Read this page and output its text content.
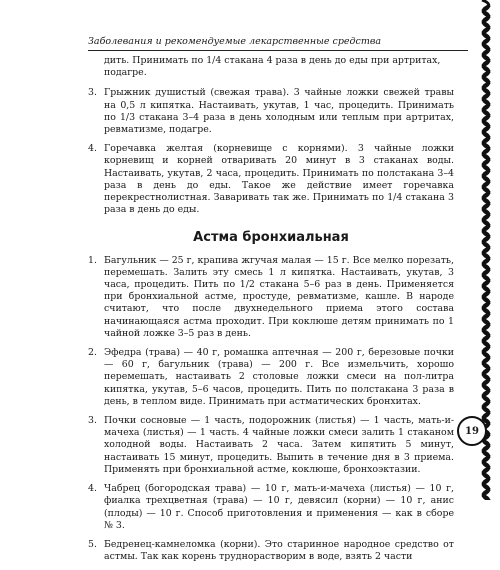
Заболевания и рекомендуемые лекарственные средства

дить. Принимать по 1/4 стакана 4 раза в день до еды при артритах, подагре.

3. Грыжник душистый (свежая трава). 3 чайные ложки свежей травы на 0,5 л кипятка. Настаивать, укутав, 1 час, процедить. Принимать по 1/3 стакана 3–4 раза в день холодным или теплым при артритах, ревматизме, подагре.
4. Горечавка желтая (корневище с корнями). 3 чайные ложки корневищ и корней отваривать 20 минут в 3 стаканах воды. Настаивать, укутав, 2 часа, процедить. Принимать по полстакана 3–4 раза в день до еды. Такое же действие имеет горечавка перекрестнолистная. Заваривать так же. Принимать по 1/4 стакана 3 раза в день до еды.
Астма бронхиальная
1. Багульник — 25 г, крапива жгучая малая — 15 г. Все мелко порезать, перемешать. Залить эту смесь 1 л кипятка. Настаивать, укутав, 3 часа, процедить. Пить по 1/2 стакана 5–6 раз в день. Применяется при бронхиальной астме, простуде, ревматизме, кашле. В народе считают, что после двухнедельного приема этого состава начинающаяся астма проходит. При коклюше детям принимать по 1 чайной ложке 3–5 раз в день.
2. Эфедра (трава) — 40 г, ромашка аптечная — 200 г, березовые почки — 60 г, багульник (трава) — 200 г. Все измельчить, хорошо перемешать, настаивать 2 столовые ложки смеси на пол-литра кипятка, укутав, 5–6 часов, процедить. Пить по полстакана 3 раза в день, в теплом виде. Принимать при астматических бронхитах.
3. Почки сосновые — 1 часть, подорожник (листья) — 1 часть, мать-и-мачеха (листья) — 1 часть. 4 чайные ложки смеси залить 1 стаканом холодной воды. Настаивать 2 часа. Затем кипятить 5 минут, настаивать 15 минут, процедить. Выпить в течение дня в 3 приема. Применять при бронхиальной астме, коклюше, бронхоэктазии.
4. Чабрец (богородская трава) — 10 г, мать-и-мачеха (листья) — 10 г, фиалка трехцветная (трава) — 10 г, девясил (корни) — 10 г, анис (плоды) — 10 г. Способ приготовления и применения — как в сборе № 3.
5. Бедренец-камнеломка (корни). Это старинное народное средство от астмы. Так как корень труднорастворим в воде, взять 2 части
19
